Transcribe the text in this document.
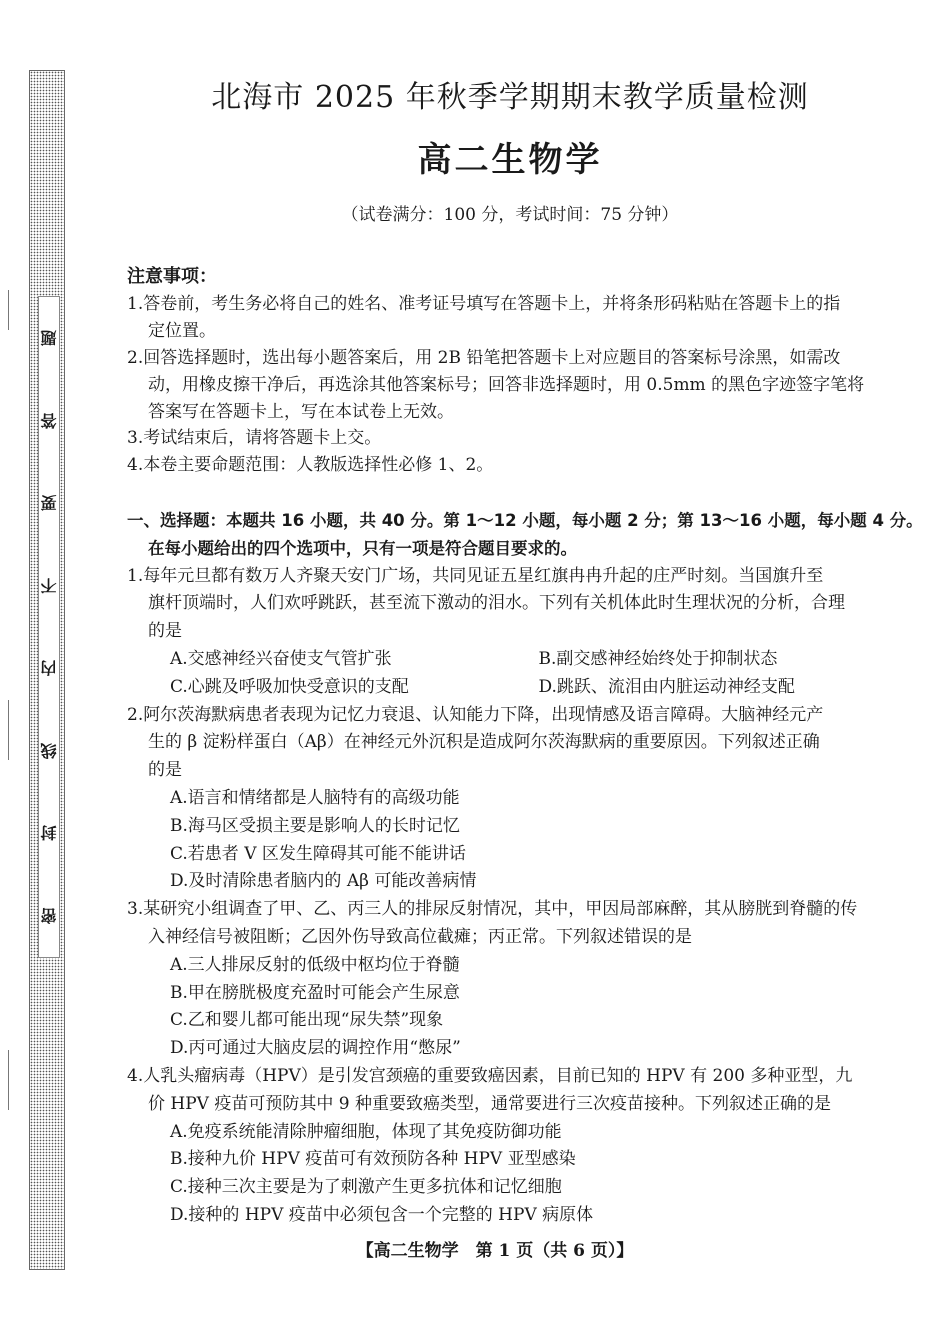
题
答
要
不
内
线
封
密
北海市 2025 年秋季学期期末教学质量检测
高二生物学
（试卷满分：100 分，考试时间：75 分钟）
注意事项：
1.答卷前，考生务必将自己的姓名、准考证号填写在答题卡上，并将条形码粘贴在答题卡上的指
定位置。
2.回答选择题时，选出每小题答案后，用 2B 铅笔把答题卡上对应题目的答案标号涂黑，如需改
动，用橡皮擦干净后，再选涂其他答案标号；回答非选择题时，用 0.5mm 的黑色字迹签字笔将
答案写在答题卡上，写在本试卷上无效。
3.考试结束后，请将答题卡上交。
4.本卷主要命题范围：人教版选择性必修 1、2。
一、选择题：本题共 16 小题，共 40 分。第 1～12 小题，每小题 2 分；第 13～16 小题，每小题 4 分。
在每小题给出的四个选项中，只有一项是符合题目要求的。
1.每年元旦都有数万人齐聚天安门广场，共同见证五星红旗冉冉升起的庄严时刻。当国旗升至
旗杆顶端时，人们欢呼跳跃，甚至流下激动的泪水。下列有关机体此时生理状况的分析，合理
的是
A.交感神经兴奋使支气管扩张	B.副交感神经始终处于抑制状态
C.心跳及呼吸加快受意识的支配	D.跳跃、流泪由内脏运动神经支配
2.阿尔茨海默病患者表现为记忆力衰退、认知能力下降，出现情感及语言障碍。大脑神经元产
生的 β 淀粉样蛋白（Aβ）在神经元外沉积是造成阿尔茨海默病的重要原因。下列叙述正确
的是
A.语言和情绪都是人脑特有的高级功能
B.海马区受损主要是影响人的长时记忆
C.若患者 V 区发生障碍其可能不能讲话
D.及时清除患者脑内的 Aβ 可能改善病情
3.某研究小组调查了甲、乙、丙三人的排尿反射情况，其中，甲因局部麻醉，其从膀胱到脊髓的传
入神经信号被阻断；乙因外伤导致高位截瘫；丙正常。下列叙述错误的是
A.三人排尿反射的低级中枢均位于脊髓
B.甲在膀胱极度充盈时可能会产生尿意
C.乙和婴儿都可能出现“尿失禁”现象
D.丙可通过大脑皮层的调控作用“憋尿”
4.人乳头瘤病毒（HPV）是引发宫颈癌的重要致癌因素，目前已知的 HPV 有 200 多种亚型，九
价 HPV 疫苗可预防其中 9 种重要致癌类型，通常要进行三次疫苗接种。下列叙述正确的是
A.免疫系统能清除肿瘤细胞，体现了其免疫防御功能
B.接种九价 HPV 疫苗可有效预防各种 HPV 亚型感染
C.接种三次主要是为了刺激产生更多抗体和记忆细胞
D.接种的 HPV 疫苗中必须包含一个完整的 HPV 病原体
【高二生物学　第 1 页（共 6 页）】
